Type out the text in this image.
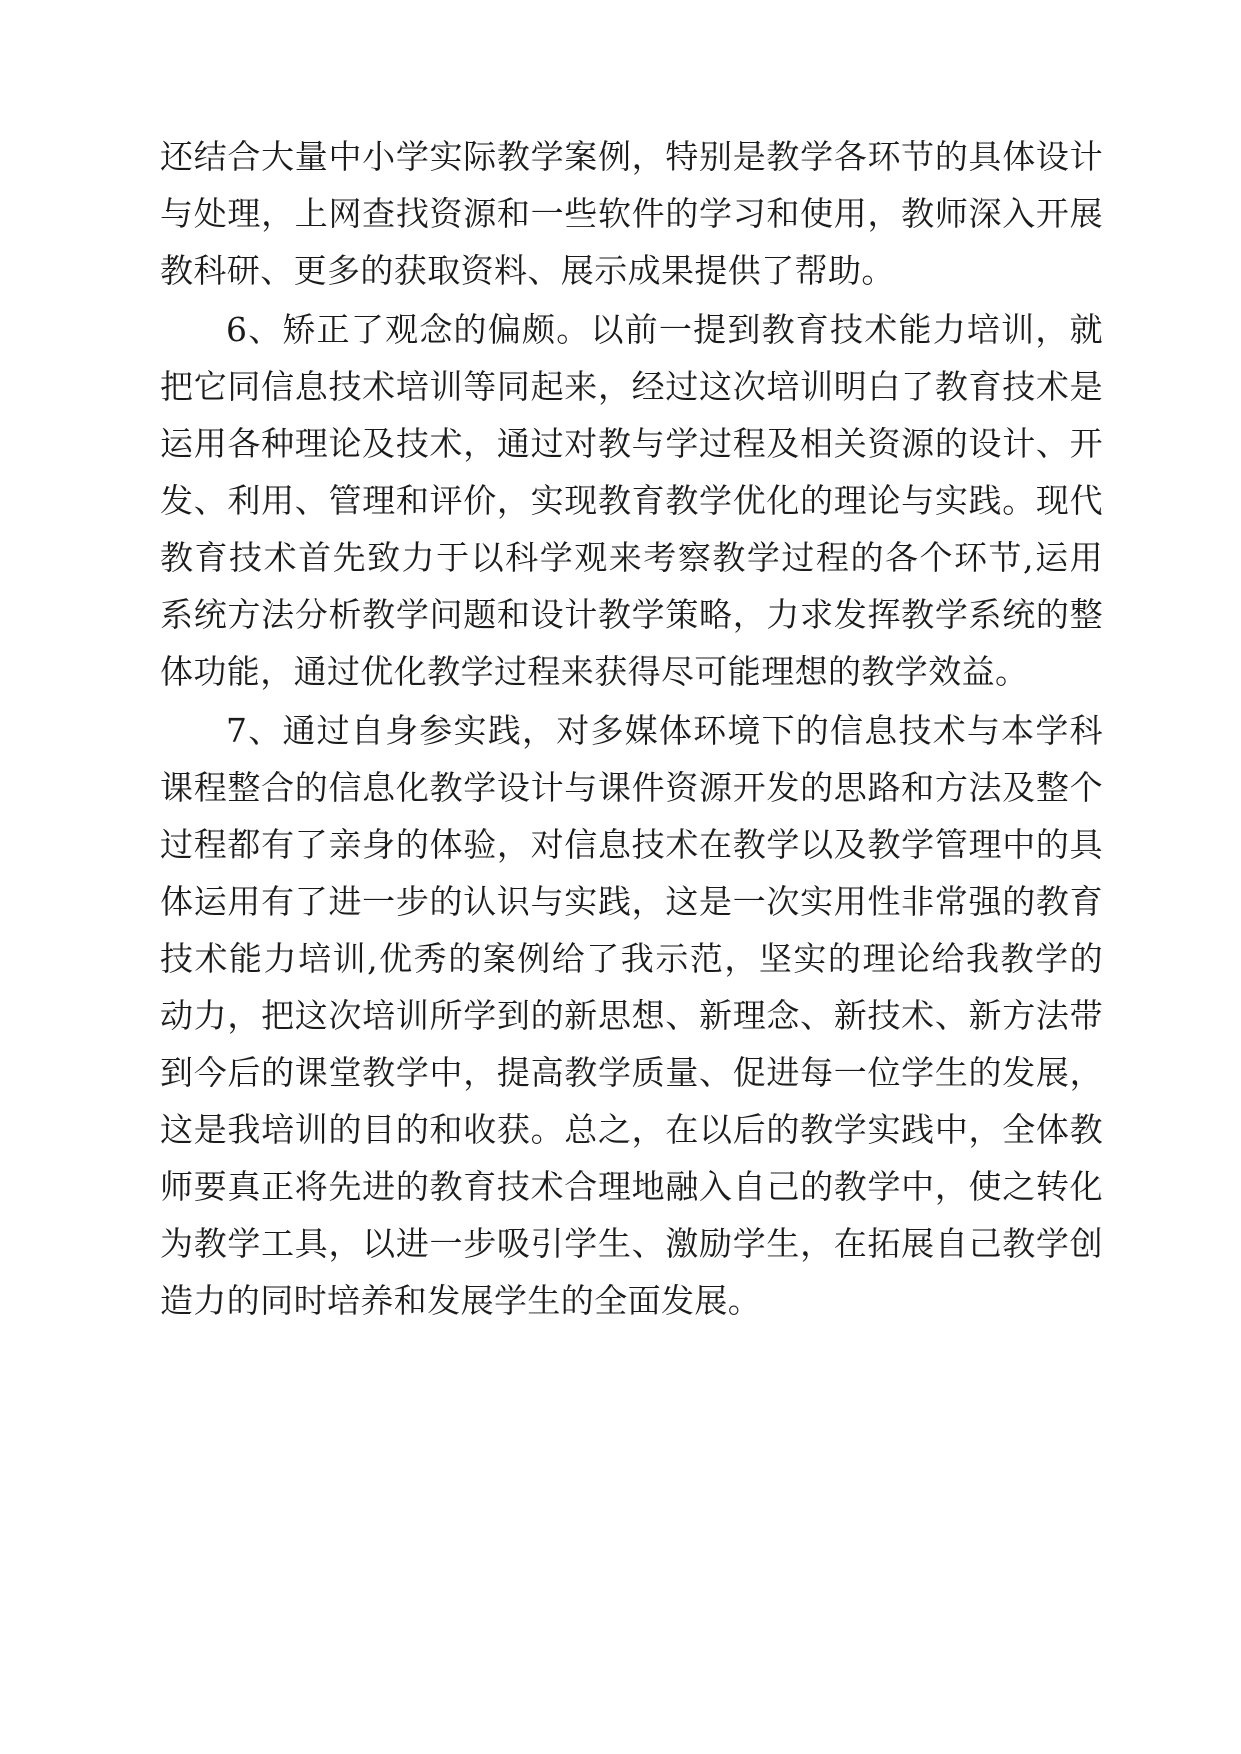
还结合大量中小学实际教学案例，特别是教学各环节的具体设计与处理，上网查找资源和一些软件的学习和使用，教师深入开展教科研、更多的获取资料、展示成果提供了帮助。

6、矫正了观念的偏颇。以前一提到教育技术能力培训，就把它同信息技术培训等同起来，经过这次培训明白了教育技术是运用各种理论及技术，通过对教与学过程及相关资源的设计、开发、利用、管理和评价，实现教育教学优化的理论与实践。现代教育技术首先致力于以科学观来考察教学过程的各个环节,运用系统方法分析教学问题和设计教学策略，力求发挥教学系统的整体功能，通过优化教学过程来获得尽可能理想的教学效益。

7、通过自身参实践，对多媒体环境下的信息技术与本学科课程整合的信息化教学设计与课件资源开发的思路和方法及整个过程都有了亲身的体验，对信息技术在教学以及教学管理中的具体运用有了进一步的认识与实践，这是一次实用性非常强的教育技术能力培训,优秀的案例给了我示范，坚实的理论给我教学的动力，把这次培训所学到的新思想、新理念、新技术、新方法带到今后的课堂教学中，提高教学质量、促进每一位学生的发展，这是我培训的目的和收获。总之，在以后的教学实践中，全体教师要真正将先进的教育技术合理地融入自己的教学中，使之转化为教学工具，以进一步吸引学生、激励学生，在拓展自己教学创造力的同时培养和发展学生的全面发展。
